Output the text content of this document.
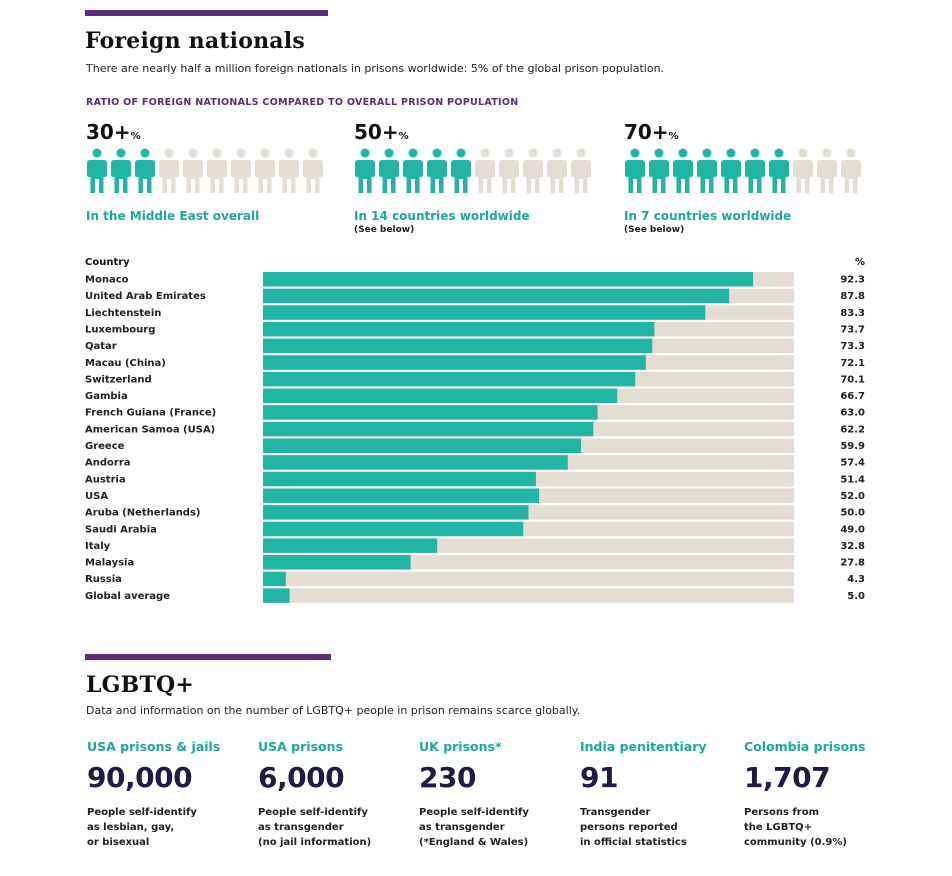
Foreign nationals
There are nearly half a million foreign nationals in prisons worldwide: 5% of the global prison population.
RATIO OF FOREIGN NATIONALS COMPARED TO OVERALL PRISON POPULATION
30+%
In the Middle East overall
50+%
In 14 countries worldwide
(See below)
70+%
In 7 countries worldwide
(See below)
Country	%
Monaco	92.3
United Arab Emirates	87.8
Liechtenstein	83.3
Luxembourg	73.7
Qatar	73.3
Macau (China)	72.1
Switzerland	70.1
Gambia	66.7
French Guiana (France)	63.0
American Samoa (USA)	62.2
Greece	59.9
Andorra	57.4
Austria	51.4
USA	52.0
Aruba (Netherlands)	50.0
Saudi Arabia	49.0
Italy	32.8
Malaysia	27.8
Russia	4.3
Global average	5.0
LGBTQ+
Data and information on the number of LGBTQ+ people in prison remains scarce globally.
USA prisons & jails
90,000
People self-identify
as lesbian, gay,
or bisexual
USA prisons
6,000
People self-identify
as transgender
(no jail information)
UK prisons*
230
People self-identify
as transgender
(*England & Wales)
India penitentiary
91
Transgender
persons reported
in official statistics
Colombia prisons
1,707
Persons from
the LGBTQ+
community (0.9%)
